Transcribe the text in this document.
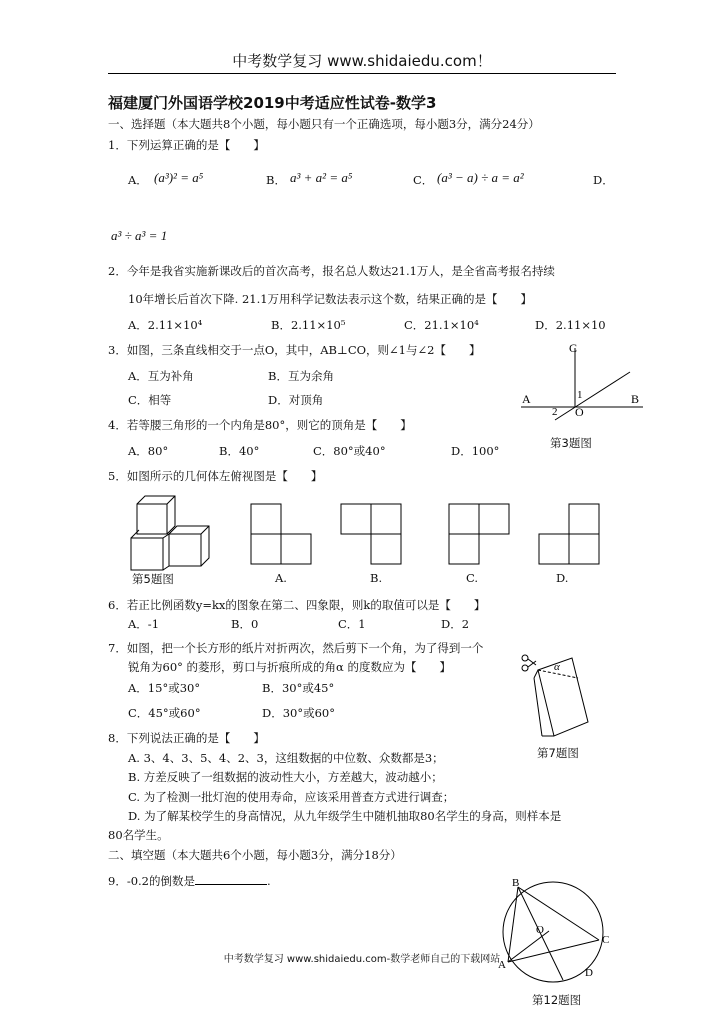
中考数学复习 www.shidaiedu.com！
福建厦门外国语学校2019中考适应性试卷-数学3
一、选择题（本大题共8个小题，每小题只有一个正确选项，每小题3分，满分24分）
1．下列运算正确的是【　　】
A． (a³)² = a⁵	B． a³ + a² = a⁵	C． (a³ − a) ÷ a = a²	D．
a³ ÷ a³ = 1
2．今年是我省实施新课改后的首次高考，报名总人数达21.1万人，是全省高考报名持续
10年增长后首次下降. 21.1万用科学记数法表示这个数，结果正确的是【　　】
A．2.11×10⁴	B．2.11×10⁵	C．21.1×10⁴	D．2.11×10
3．如图，三条直线相交于一点O，其中，AB⊥CO，则∠1与∠2【　　】
A．互为补角	B．互为余角
C．相等	D．对顶角
C
A	B
O
1
2
第3题图
4．若等腰三角形的一个内角是80°，则它的顶角是【　　】
A．80°	B．40°	C．80°或40°	D．100°
5．如图所示的几何体左俯视图是【　　】
第5题图	A.	B.	C.	D.
6．若正比例函数y=kx的图象在第二、四象限，则k的取值可以是【　　】
A．-1	B．0	C．1	D．2
7．如图，把一个长方形的纸片对折两次，然后剪下一个角，为了得到一个
锐角为60° 的菱形，剪口与折痕所成的角α 的度数应为【　　】
A．15°或30°	B．30°或45°
C．45°或60°	D．30°或60°
α
第7题图
8．下列说法正确的是【　　】
A. 3、4、3、5、4、2、3，这组数据的中位数、众数都是3；
B. 方差反映了一组数据的波动性大小，方差越大，波动越小；
C. 为了检测一批灯泡的使用寿命，应该采用普查方式进行调查；
D. 为了解某校学生的身高情况，从九年级学生中随机抽取80名学生的身高，则样本是
80名学生。
二、填空题（本大题共6个小题，每小题3分，满分18分）
9．-0.2的倒数是	.	B
O
C
A
D
第12题图
中考数学复习 www.shidaiedu.com-数学老师自己的下载网站
